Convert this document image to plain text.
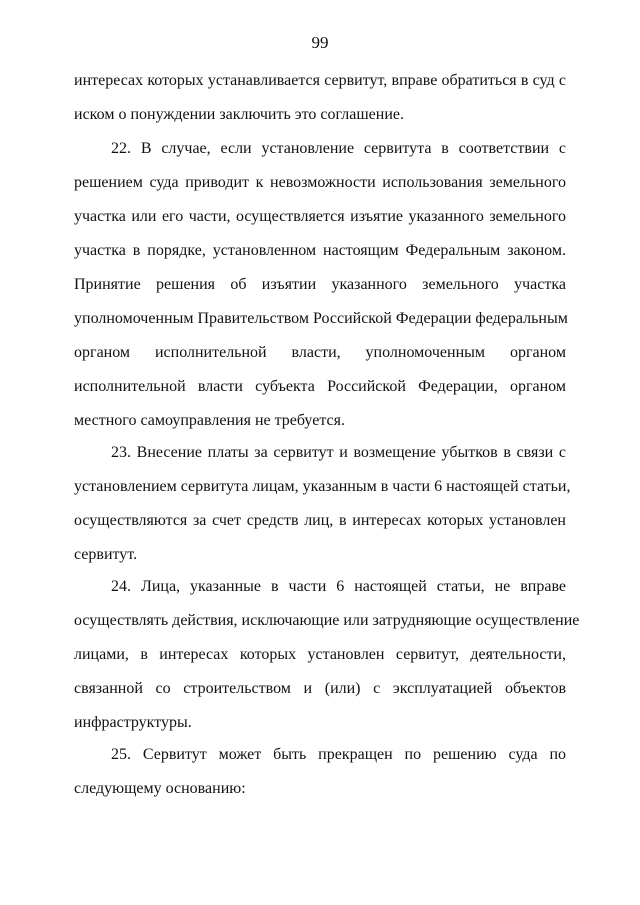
99
интересах которых устанавливается сервитут, вправе обратиться в суд с
иском о понуждении заключить это соглашение.
22. В случае, если установление сервитута в соответствии с
решением суда приводит к невозможности использования земельного
участка или его части, осуществляется изъятие указанного земельного
участка в порядке, установленном настоящим Федеральным законом.
Принятие решения об изъятии указанного земельного участка
уполномоченным Правительством Российской Федерации федеральным
органом исполнительной власти, уполномоченным органом
исполнительной власти субъекта Российской Федерации, органом
местного самоуправления не требуется.
23. Внесение платы за сервитут и возмещение убытков в связи с
установлением сервитута лицам, указанным в части 6 настоящей статьи,
осуществляются за счет средств лиц, в интересах которых установлен
сервитут.
24. Лица, указанные в части 6 настоящей статьи, не вправе
осуществлять действия, исключающие или затрудняющие осуществление
лицами, в интересах которых установлен сервитут, деятельности,
связанной со строительством и (или) с эксплуатацией объектов
инфраструктуры.
25. Сервитут может быть прекращен по решению суда по
следующему основанию:
